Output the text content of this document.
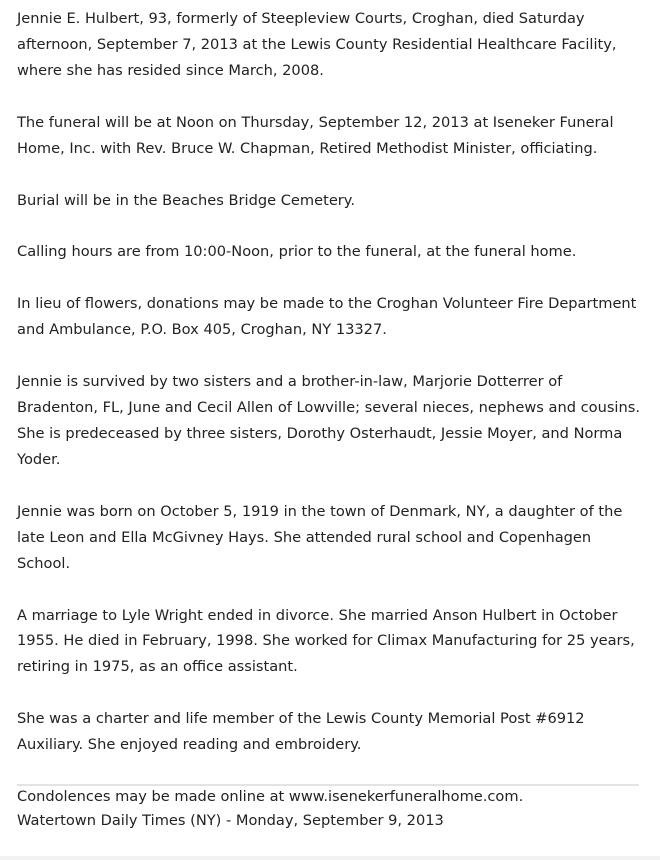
Jennie E. Hulbert, 93, formerly of Steepleview Courts, Croghan, died Saturday afternoon, September 7, 2013 at the Lewis County Residential Healthcare Facility, where she has resided since March, 2008.

The funeral will be at Noon on Thursday, September 12, 2013 at Iseneker Funeral Home, Inc. with Rev. Bruce W. Chapman, Retired Methodist Minister, officiating.

Burial will be in the Beaches Bridge Cemetery.

Calling hours are from 10:00-Noon, prior to the funeral, at the funeral home.

In lieu of flowers, donations may be made to the Croghan Volunteer Fire Department and Ambulance, P.O. Box 405, Croghan, NY 13327.

Jennie is survived by two sisters and a brother-in-law, Marjorie Dotterrer of Bradenton, FL, June and Cecil Allen of Lowville; several nieces, nephews and cousins. She is predeceased by three sisters, Dorothy Osterhaudt, Jessie Moyer, and Norma Yoder.

Jennie was born on October 5, 1919 in the town of Denmark, NY, a daughter of the late Leon and Ella McGivney Hays. She attended rural school and Copenhagen School.

A marriage to Lyle Wright ended in divorce. She married Anson Hulbert in October 1955. He died in February, 1998. She worked for Climax Manufacturing for 25 years, retiring in 1975, as an office assistant.

She was a charter and life member of the Lewis County Memorial Post #6912 Auxiliary. She enjoyed reading and embroidery.

Condolences may be made online at www.isenekerfuneralhome.com.

Watertown Daily Times (NY) - Monday, September 9, 2013
